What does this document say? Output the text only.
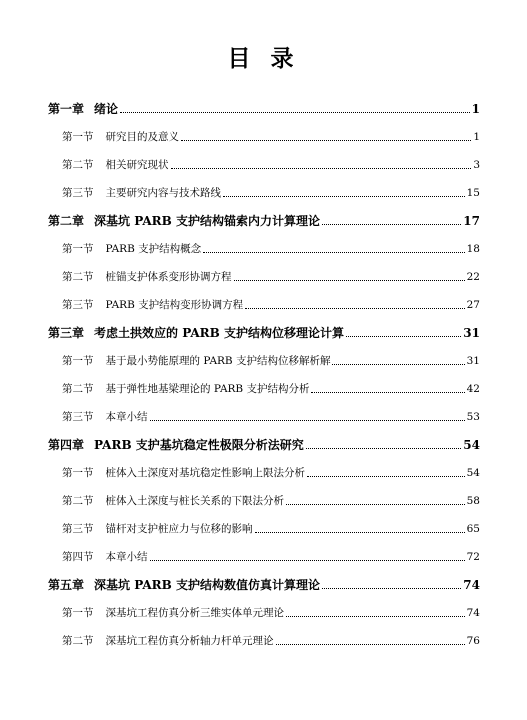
目 录
第一章 绪论	1
第一节 研究目的及意义	1
第二节 相关研究现状	3
第三节 主要研究内容与技术路线	15
第二章 深基坑 PARB 支护结构锚索内力计算理论	17
第一节 PARB 支护结构概念	18
第二节 桩锚支护体系变形协调方程	22
第三节 PARB 支护结构变形协调方程	27
第三章 考虑土拱效应的 PARB 支护结构位移理论计算	31
第一节 基于最小势能原理的 PARB 支护结构位移解析解	31
第二节 基于弹性地基梁理论的 PARB 支护结构分析	42
第三节 本章小结	53
第四章 PARB 支护基坑稳定性极限分析法研究	54
第一节 桩体入土深度对基坑稳定性影响上限法分析	54
第二节 桩体入土深度与桩长关系的下限法分析	58
第三节 锚杆对支护桩应力与位移的影响	65
第四节 本章小结	72
第五章 深基坑 PARB 支护结构数值仿真计算理论	74
第一节 深基坑工程仿真分析三维实体单元理论	74
第二节 深基坑工程仿真分析轴力杆单元理论	76
